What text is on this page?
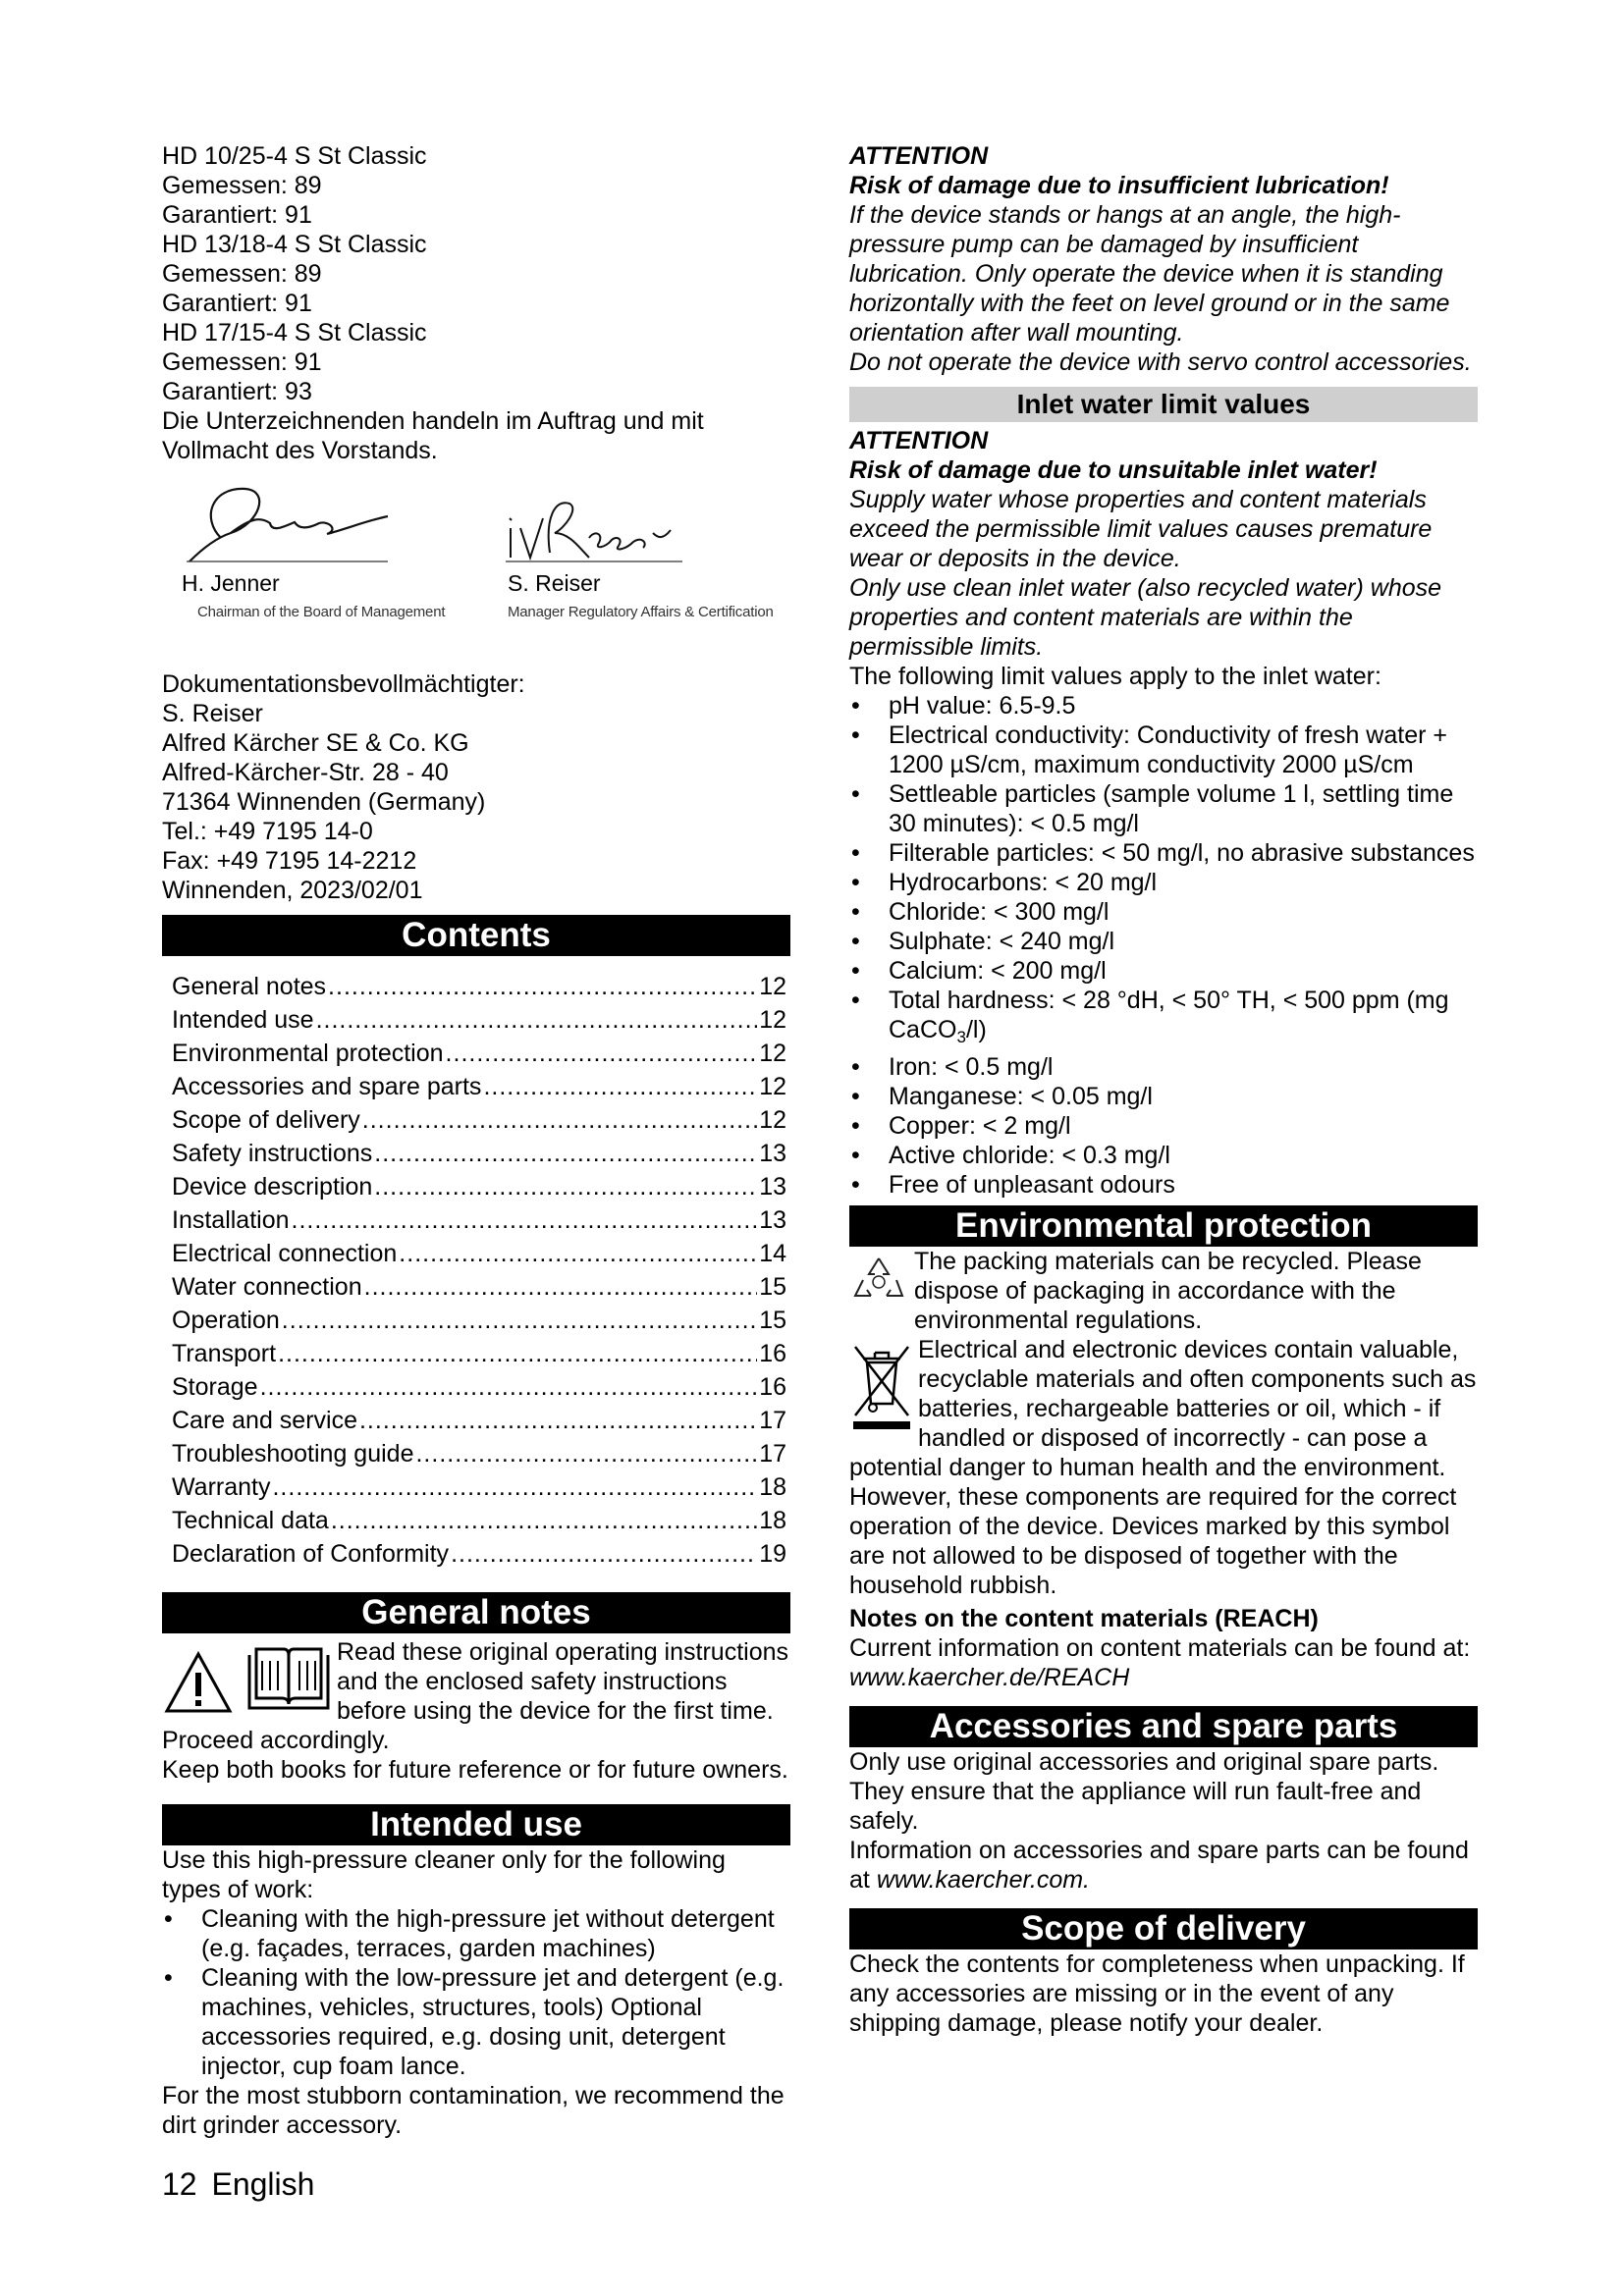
HD 10/25-4 S St Classic

Gemessen: 89

Garantiert: 91

HD 13/18-4 S St Classic

Gemessen: 89

Garantiert: 91

HD 17/15-4 S St Classic

Gemessen: 91

Garantiert: 93

Die Unterzeichnenden handeln im Auftrag und mit Vollmacht des Vorstands.

H. Jenner
Chairman of the Board of Management
S. Reiser
Manager Regulatory Affairs & Certification

Dokumentationsbevollmächtigter:

S. Reiser

Alfred Kärcher SE & Co. KG

Alfred-Kärcher-Str. 28 - 40

71364 Winnenden (Germany)

Tel.: +49 7195 14-0

Fax: +49 7195 14-2212

Winnenden, 2023/02/01

Contents
General notes .....	12
Intended use .....	12
Environmental protection .....	12
Accessories and spare parts .....	12
Scope of delivery .....	12
Safety instructions .....	13
Device description .....	13
Installation .....	13
Electrical connection .....	14
Water connection .....	15
Operation .....	15
Transport .....	16
Storage .....	16
Care and service .....	17
Troubleshooting guide .....	17
Warranty .....	18
Technical data .....	18
Declaration of Conformity .....	19
General notes

Read these original operating instructions and the enclosed safety instructions before using the device for the first time. Proceed accordingly.

Keep both books for future reference or for future owners.

Intended use

Use this high-pressure cleaner only for the following types of work:

• Cleaning with the high-pressure jet without detergent (e.g. façades, terraces, garden machines)
• Cleaning with the low-pressure jet and detergent (e.g. machines, vehicles, structures, tools) Optional accessories required, e.g. dosing unit, detergent injector, cup foam lance.

For the most stubborn contamination, we recommend the dirt grinder accessory.

ATTENTION

Risk of damage due to insufficient lubrication!

If the device stands or hangs at an angle, the high-pressure pump can be damaged by insufficient lubrication. Only operate the device when it is standing horizontally with the feet on level ground or in the same orientation after wall mounting.

Do not operate the device with servo control accessories.

Inlet water limit values

ATTENTION

Risk of damage due to unsuitable inlet water!

Supply water whose properties and content materials exceed the permissible limit values causes premature wear or deposits in the device.

Only use clean inlet water (also recycled water) whose properties and content materials are within the permissible limits.

The following limit values apply to the inlet water:

• pH value: 6.5-9.5
• Electrical conductivity: Conductivity of fresh water + 1200 µS/cm, maximum conductivity 2000 µS/cm
• Settleable particles (sample volume 1 l, settling time 30 minutes): < 0.5 mg/l
• Filterable particles: < 50 mg/l, no abrasive substances
• Hydrocarbons: < 20 mg/l
• Chloride: < 300 mg/l
• Sulphate: < 240 mg/l
• Calcium: < 200 mg/l
• Total hardness: < 28 °dH, < 50° TH, < 500 ppm (mg CaCO$_3$/l)
• Iron: < 0.5 mg/l
• Manganese: < 0.05 mg/l
• Copper: < 2 mg/l
• Active chloride: < 0.3 mg/l
• Free of unpleasant odours
Environmental protection

The packing materials can be recycled. Please dispose of packaging in accordance with the environmental regulations.

Electrical and electronic devices contain valuable, recyclable materials and often components such as batteries, rechargeable batteries or oil, which - if handled or disposed of incorrectly - can pose a potential danger to human health and the environment. However, these components are required for the correct operation of the device. Devices marked by this symbol are not allowed to be disposed of together with the household rubbish.

Notes on the content materials (REACH)

Current information on content materials can be found at: www.kaercher.de/REACH

Accessories and spare parts

Only use original accessories and original spare parts. They ensure that the appliance will run fault-free and safely.

Information on accessories and spare parts can be found at www.kaercher.com.

Scope of delivery

Check the contents for completeness when unpacking. If any accessories are missing or in the event of any shipping damage, please notify your dealer.

12 English
